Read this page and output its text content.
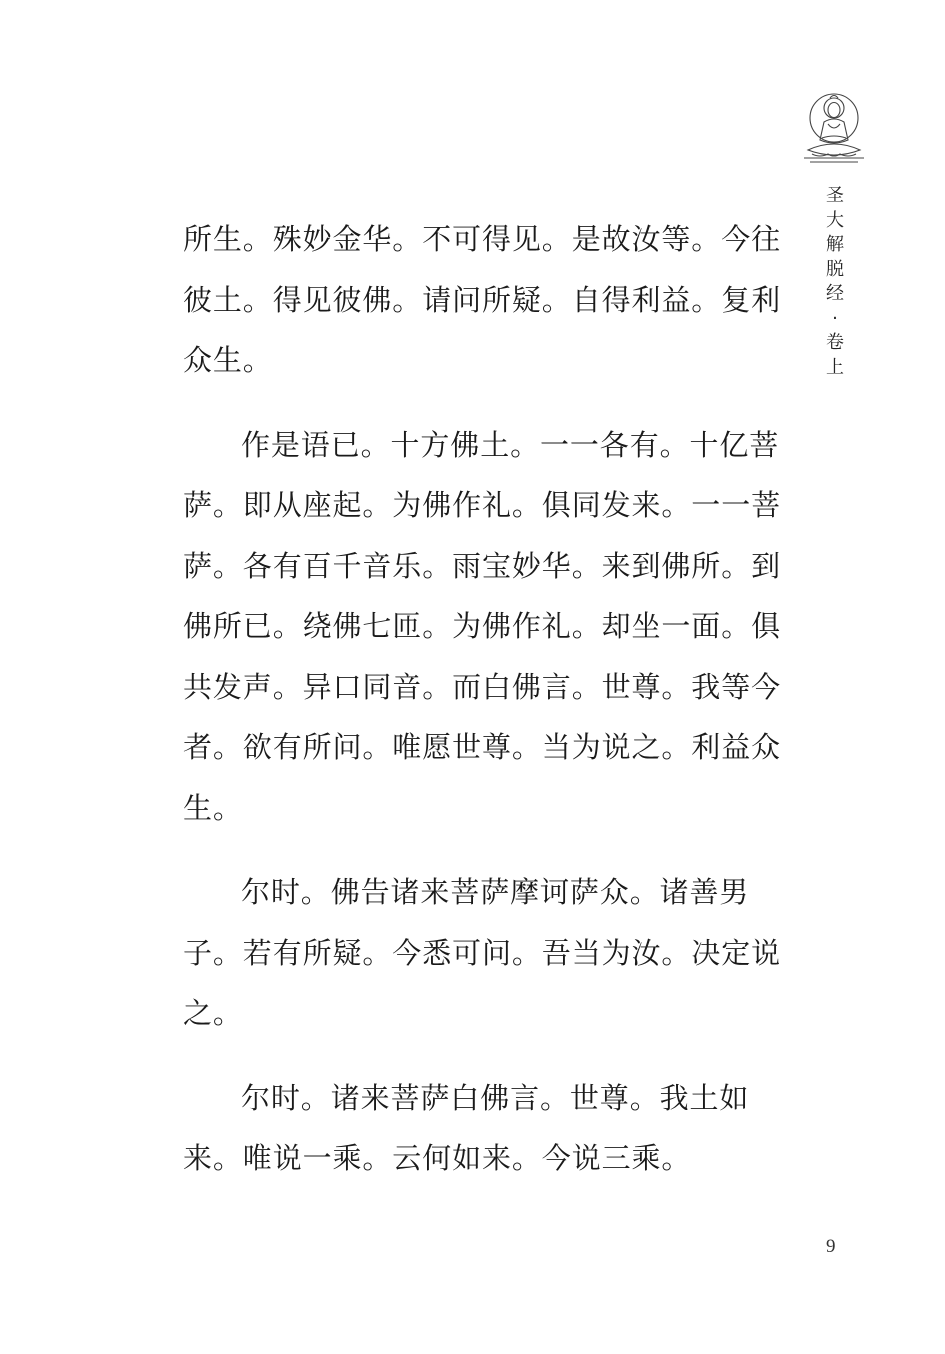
圣
大
解
脱
经
·
卷
上
所生。殊妙金华。不可得见。是故汝等。今往
彼土。得见彼佛。请问所疑。自得利益。复利
众生。
作是语已。十方佛土。一一各有。十亿菩
萨。即从座起。为佛作礼。俱同发来。一一菩
萨。各有百千音乐。雨宝妙华。来到佛所。到
佛所已。绕佛七匝。为佛作礼。却坐一面。俱
共发声。异口同音。而白佛言。世尊。我等今
者。欲有所问。唯愿世尊。当为说之。利益众
生。
尔时。佛告诸来菩萨摩诃萨众。诸善男
子。若有所疑。今悉可问。吾当为汝。决定说
之。
尔时。诸来菩萨白佛言。世尊。我土如
来。唯说一乘。云何如来。今说三乘。
9
